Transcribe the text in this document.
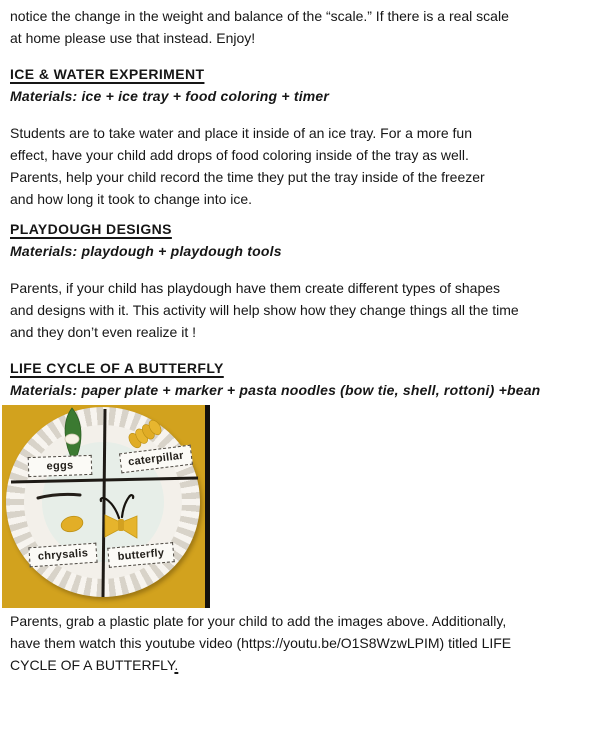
notice the change in the weight and balance of the “scale.” If there is a real scale
at home please use that instead. Enjoy!
ICE & WATER EXPERIMENT
Materials: ice + ice tray + food coloring + timer
Students are to take water and place it inside of an ice tray. For a more fun
effect, have your child add drops of food coloring inside of the tray as well.
Parents, help your child record the time they put the tray inside of the freezer
and how long it took to change into ice.
PLAYDOUGH DESIGNS
Materials: playdough + playdough tools
Parents, if your child has playdough have them create different types of shapes
and designs with it. This activity will help show how they change things all the time
and they don’t even realize it !
LIFE CYCLE OF A BUTTERFLY
Materials: paper plate + marker + pasta noodles (bow tie, shell, rottoni) +bean
eggs	caterpillar
chrysalis	butterfly
Parents, grab a plastic plate for your child to add the images above. Additionally,
have them watch this youtube video (https://youtu.be/O1S8WzwLPIM) titled LIFE
CYCLE OF A BUTTERFLY.
